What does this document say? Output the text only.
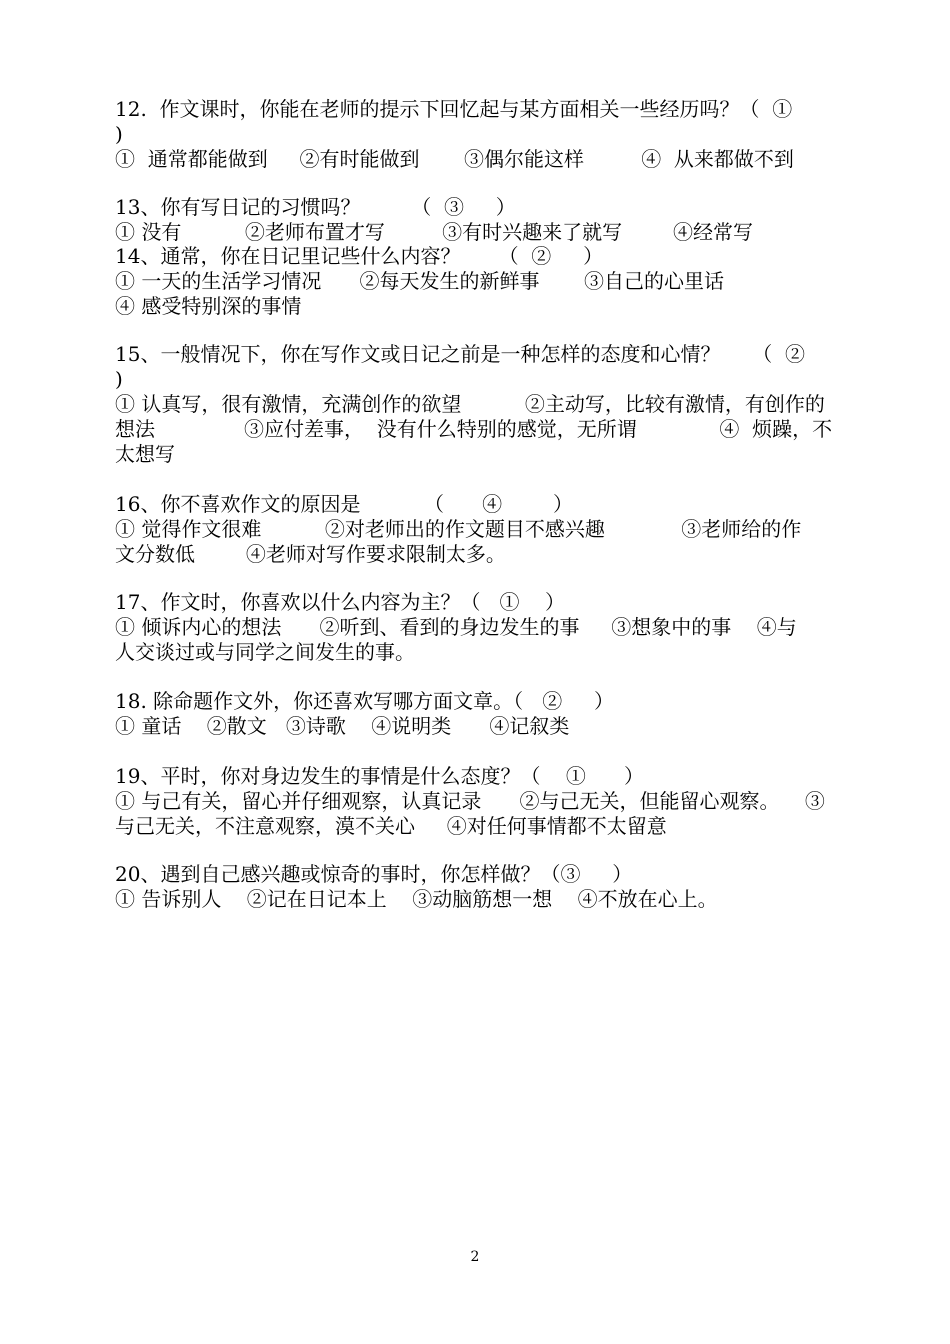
12.  作文课时，你能在老师的提示下回忆起与某方面相关一些经历吗？（  ①
)
①  通常都能做到     ②有时能做到       ③偶尔能这样         ④  从来都做不到
13、你有写日记的习惯吗？        （  ③     ）
① 没有          ②老师布置才写         ③有时兴趣来了就写        ④经常写
14、通常，你在日记里记些什么内容？      （  ②     ）
① 一天的生活学习情况      ②每天发生的新鲜事       ③自己的心里话
④ 感受特别深的事情
15、一般情况下，你在写作文或日记之前是一种怎样的态度和心情？     （  ②
)
① 认真写，很有激情，充满创作的欲望          ②主动写，比较有激情，有创作的
想法              ③应付差事，  没有什么特别的感觉，无所谓             ④  烦躁，不
太想写
16、你不喜欢作文的原因是          （      ④        ）
① 觉得作文很难          ②对老师出的作文题目不感兴趣            ③老师给的作
文分数低        ④老师对写作要求限制太多。
17、作文时，你喜欢以什么内容为主？（   ①    ）
① 倾诉内心的想法      ②听到、看到的身边发生的事     ③想象中的事    ④与
人交谈过或与同学之间发生的事。
18. 除命题作文外，你还喜欢写哪方面文章。（   ②     ）
① 童话    ②散文   ③诗歌    ④说明类      ④记叙类
19、平时，你对身边发生的事情是什么态度？（    ①      ）
① 与己有关，留心并仔细观察，认真记录      ②与己无关，但能留心观察。    ③
与己无关，不注意观察，漠不关心     ④对任何事情都不太留意
20、遇到自己感兴趣或惊奇的事时，你怎样做？（③     ）
① 告诉别人    ②记在日记本上    ③动脑筋想一想    ④不放在心上。
2
